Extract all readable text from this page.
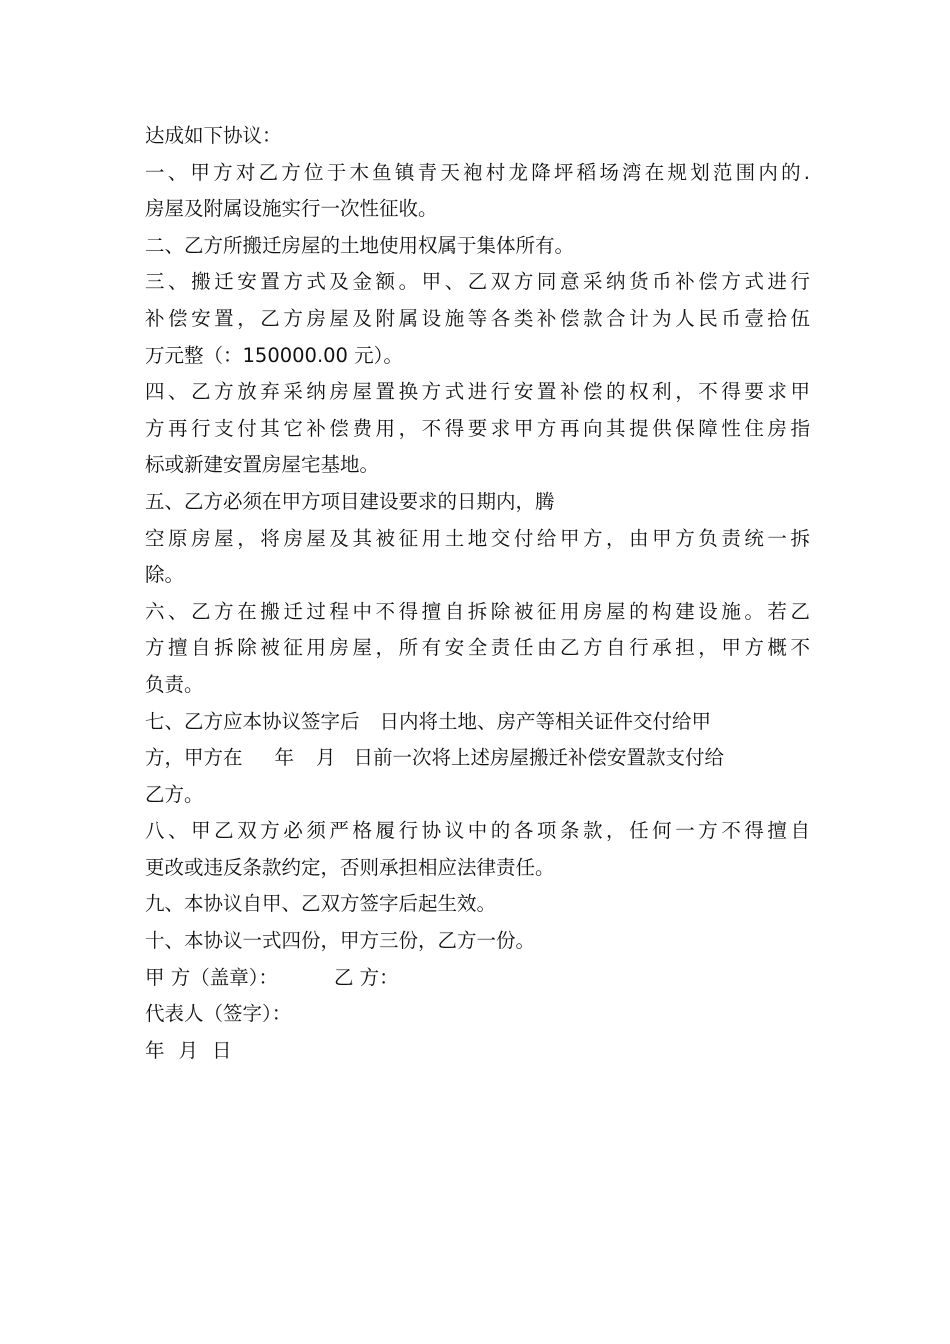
达成如下协议：
一、甲方对乙方位于木鱼镇青天袍村龙降坪稻场湾在规划范围内的.
房屋及附属设施实行一次性征收。
二、乙方所搬迁房屋的土地使用权属于集体所有。
三、搬迁安置方式及金额。甲、乙双方同意采纳货币补偿方式进行
补偿安置，乙方房屋及附属设施等各类补偿款合计为人民币壹拾伍
万元整（：150000.00 元）。
四、乙方放弃采纳房屋置换方式进行安置补偿的权利，不得要求甲
方再行支付其它补偿费用，不得要求甲方再向其提供保障性住房指
标或新建安置房屋宅基地。
五、乙方必须在甲方项目建设要求的日期内，腾
空原房屋，将房屋及其被征用土地交付给甲方，由甲方负责统一拆
除。
六、乙方在搬迁过程中不得擅自拆除被征用房屋的构建设施。若乙
方擅自拆除被征用房屋，所有安全责任由乙方自行承担，甲方概不
负责。
七、乙方应本协议签字后 日内将土地、房产等相关证件交付给甲
方，甲方在 年 月 日前一次将上述房屋搬迁补偿安置款支付给
乙方。
八、甲乙双方必须严格履行协议中的各项条款，任何一方不得擅自
更改或违反条款约定，否则承担相应法律责任。
九、本协议自甲、乙双方签字后起生效。
十、本协议一式四份，甲方三份，乙方一份。
甲 方（盖章）：	乙 方：
代表人（签字）：
年 月 日
